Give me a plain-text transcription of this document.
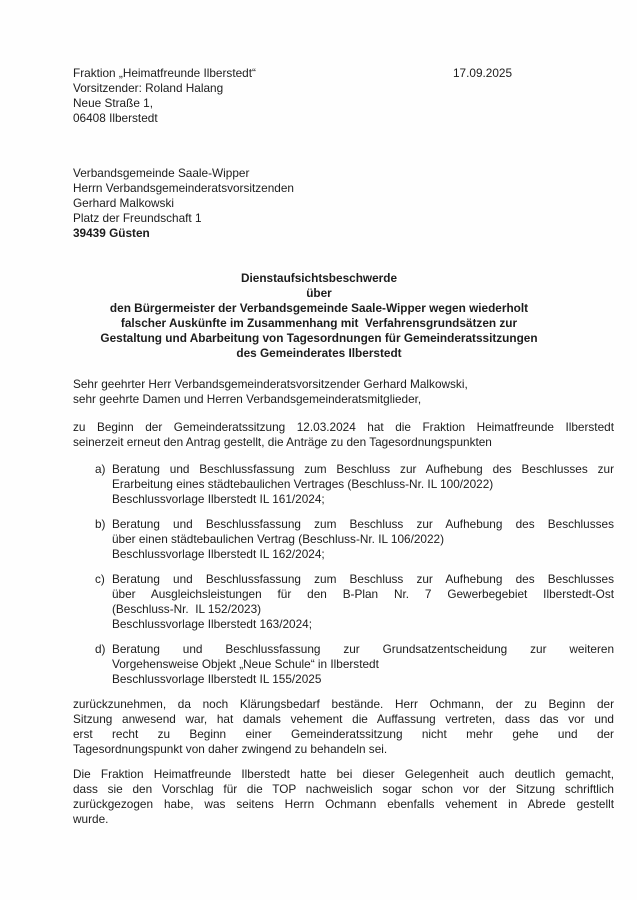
Fraktion „Heimatfreunde Ilberstedt“
Vorsitzender: Roland Halang
Neue Straße 1,
06408 Ilberstedt
17.09.2025
Verbandsgemeinde Saale-Wipper
Herrn Verbandsgemeinderatsvorsitzenden
Gerhard Malkowski
Platz der Freundschaft 1
39439 Güsten
Dienstaufsichtsbeschwerde
über
den Bürgermeister der Verbandsgemeinde Saale-Wipper wegen wiederholt
falscher Auskünfte im Zusammenhang mit  Verfahrensgrundsätzen zur
Gestaltung und Abarbeitung von Tagesordnungen für Gemeinderatssitzungen
des Gemeinderates Ilberstedt
Sehr geehrter Herr Verbandsgemeinderatsvorsitzender Gerhard Malkowski,
sehr geehrte Damen und Herren Verbandsgemeinderatsmitglieder,
zu Beginn der Gemeinderatssitzung 12.03.2024 hat die Fraktion Heimatfreunde Ilberstedt
seinerzeit erneut den Antrag gestellt, die Anträge zu den Tagesordnungspunkten
a) Beratung und Beschlussfassung zum Beschluss zur Aufhebung des Beschlusses zur
Erarbeitung eines städtebaulichen Vertrages (Beschluss-Nr. IL 100/2022)
Beschlussvorlage Ilberstedt IL 161/2024;
b) Beratung und Beschlussfassung zum Beschluss zur Aufhebung des Beschlusses
über einen städtebaulichen Vertrag (Beschluss-Nr. IL 106/2022)
Beschlussvorlage Ilberstedt IL 162/2024;
c) Beratung und Beschlussfassung zum Beschluss zur Aufhebung des Beschlusses
über Ausgleichsleistungen für den B-Plan Nr. 7 Gewerbegebiet Ilberstedt-Ost
(Beschluss-Nr.  IL 152/2023)
Beschlussvorlage Ilberstedt 163/2024;
d) Beratung und Beschlussfassung zur Grundsatzentscheidung zur weiteren
Vorgehensweise Objekt „Neue Schule“ in Ilberstedt
Beschlussvorlage Ilberstedt IL 155/2025
zurückzunehmen, da noch Klärungsbedarf bestände. Herr Ochmann, der zu Beginn der
Sitzung anwesend war, hat damals vehement die Auffassung vertreten, dass das vor und
erst recht zu Beginn einer Gemeinderatssitzung nicht mehr gehe und der
Tagesordnungspunkt von daher zwingend zu behandeln sei.
Die Fraktion Heimatfreunde Ilberstedt hatte bei dieser Gelegenheit auch deutlich gemacht,
dass sie den Vorschlag für die TOP nachweislich sogar schon vor der Sitzung schriftlich
zurückgezogen habe, was seitens Herrn Ochmann ebenfalls vehement in Abrede gestellt
wurde.
